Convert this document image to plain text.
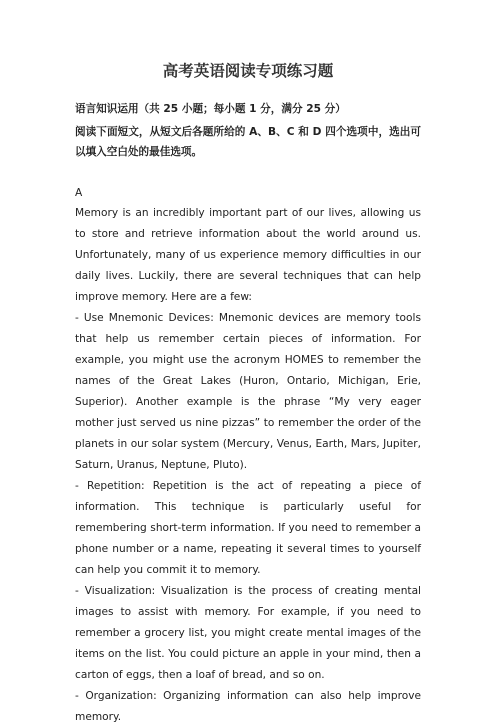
高考英语阅读专项练习题
语言知识运用（共 25 小题；每小题 1 分，满分 25 分）
阅读下面短文，从短文后各题所给的 A、B、C 和 D 四个选项中，选出可以填入空白处的最佳选项。
A

Memory is an incredibly important part of our lives, allowing us to store and retrieve information about the world around us. Unfortunately, many of us experience memory difficulties in our daily lives. Luckily, there are several techniques that can help improve memory. Here are a few:

- Use Mnemonic Devices: Mnemonic devices are memory tools that help us remember certain pieces of information. For example, you might use the acronym HOMES to remember the names of the Great Lakes (Huron, Ontario, Michigan, Erie, Superior). Another example is the phrase “My very eager mother just served us nine pizzas” to remember the order of the planets in our solar system (Mercury, Venus, Earth, Mars, Jupiter, Saturn, Uranus, Neptune, Pluto).

- Repetition: Repetition is the act of repeating a piece of information. This technique is particularly useful for remembering short-term information. If you need to remember a phone number or a name, repeating it several times to yourself can help you commit it to memory.

- Visualization: Visualization is the process of creating mental images to assist with memory. For example, if you need to remember a grocery list, you might create mental images of the items on the list. You could picture an apple in your mind, then a carton of eggs, then a loaf of bread, and so on.

- Organization: Organizing information can also help improve memory.
